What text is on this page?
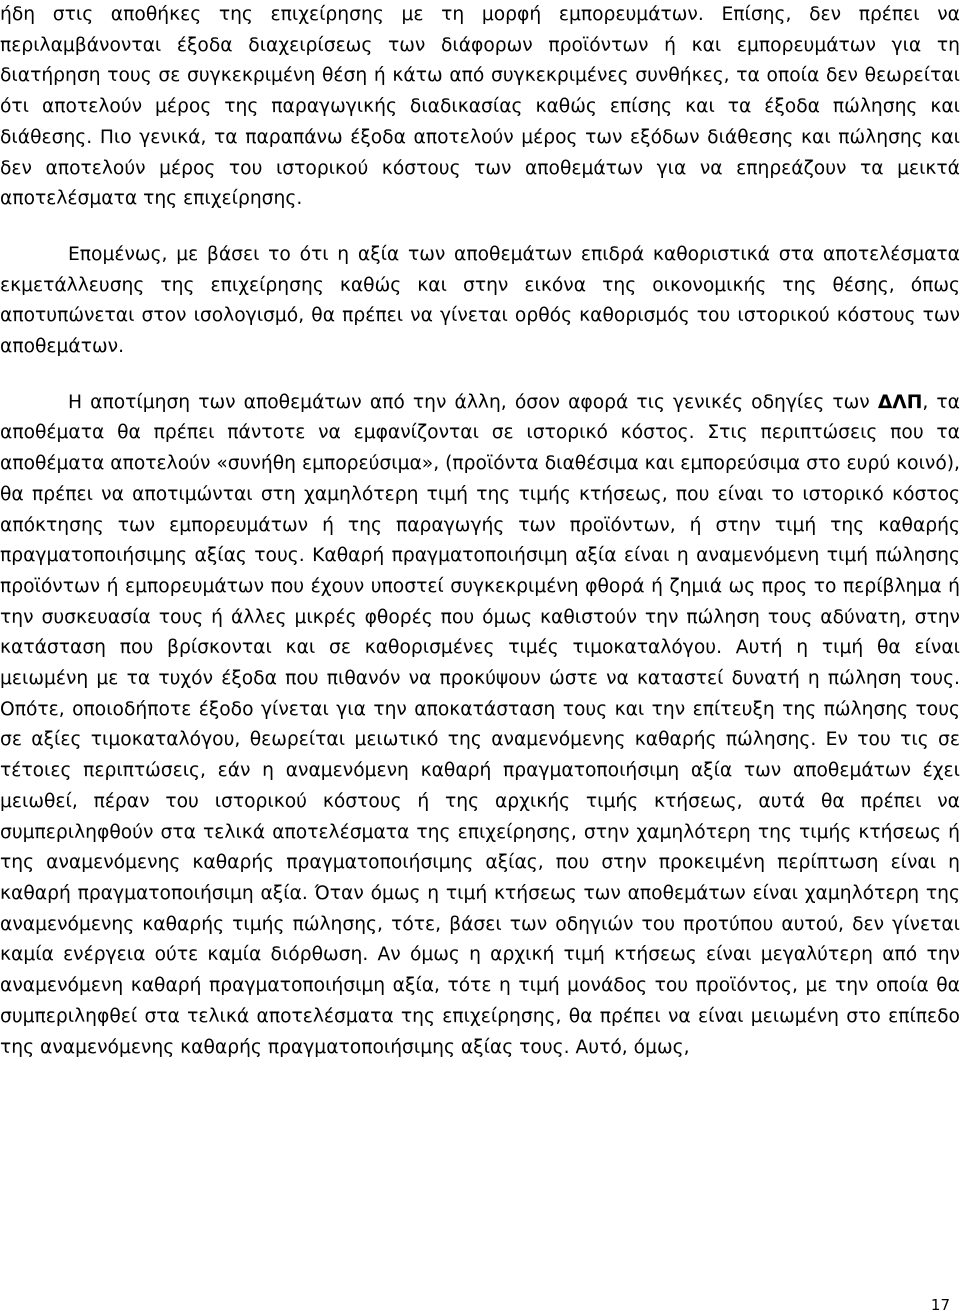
ήδη στις αποθήκες της επιχείρησης με τη μορφή εμπορευμάτων. Επίσης, δεν πρέπει να περιλαμβάνονται έξοδα διαχειρίσεως των διάφορων προϊόντων ή και εμπορευμάτων για τη διατήρηση τους σε συγκεκριμένη θέση ή κάτω από συγκεκριμένες συνθήκες, τα οποία δεν θεωρείται ότι αποτελούν μέρος της παραγωγικής διαδικασίας καθώς επίσης και τα έξοδα πώλησης και διάθεσης. Πιο γενικά, τα παραπάνω έξοδα αποτελούν μέρος των εξόδων διάθεσης και πώλησης και δεν αποτελούν μέρος του ιστορικού κόστους των αποθεμάτων για να επηρεάζουν τα μεικτά αποτελέσματα της επιχείρησης.

Επομένως, με βάσει το ότι η αξία των αποθεμάτων επιδρά καθοριστικά στα αποτελέσματα εκμετάλλευσης της επιχείρησης καθώς και στην εικόνα της οικονομικής της θέσης, όπως αποτυπώνεται στον ισολογισμό, θα πρέπει να γίνεται ορθός καθορισμός του ιστορικού κόστους των αποθεμάτων.

Η αποτίμηση των αποθεμάτων από την άλλη, όσον αφορά τις γενικές οδηγίες των ΔΛΠ, τα αποθέματα θα πρέπει πάντοτε να εμφανίζονται σε ιστορικό κόστος. Στις περιπτώσεις που τα αποθέματα αποτελούν «συνήθη εμπορεύσιμα», (προϊόντα διαθέσιμα και εμπορεύσιμα στο ευρύ κοινό), θα πρέπει να αποτιμώνται στη χαμηλότερη τιμή της τιμής κτήσεως, που είναι το ιστορικό κόστος απόκτησης των εμπορευμάτων ή της παραγωγής των προϊόντων, ή στην τιμή της καθαρής πραγματοποιήσιμης αξίας τους. Καθαρή πραγματοποιήσιμη αξία είναι η αναμενόμενη τιμή πώλησης προϊόντων ή εμπορευμάτων που έχουν υποστεί συγκεκριμένη φθορά ή ζημιά ως προς το περίβλημα ή την συσκευασία τους ή άλλες μικρές φθορές που όμως καθιστούν την πώληση τους αδύνατη, στην κατάσταση που βρίσκονται και σε καθορισμένες τιμές τιμοκαταλόγου. Αυτή η τιμή θα είναι μειωμένη με τα τυχόν έξοδα που πιθανόν να προκύψουν ώστε να καταστεί δυνατή η πώληση τους. Οπότε, οποιοδήποτε έξοδο γίνεται για την αποκατάσταση τους και την επίτευξη της πώλησης τους σε αξίες τιμοκαταλόγου, θεωρείται μειωτικό της αναμενόμενης καθαρής πώλησης. Εν του τις σε τέτοιες περιπτώσεις, εάν η αναμενόμενη καθαρή πραγματοποιήσιμη αξία των αποθεμάτων έχει μειωθεί, πέραν του ιστορικού κόστους ή της αρχικής τιμής κτήσεως, αυτά θα πρέπει να συμπεριληφθούν στα τελικά αποτελέσματα της επιχείρησης, στην χαμηλότερη της τιμής κτήσεως ή της αναμενόμενης καθαρής πραγματοποιήσιμης αξίας, που στην προκειμένη περίπτωση είναι η καθαρή πραγματοποιήσιμη αξία. Όταν όμως η τιμή κτήσεως των αποθεμάτων είναι χαμηλότερη της αναμενόμενης καθαρής τιμής πώλησης, τότε, βάσει των οδηγιών του προτύπου αυτού, δεν γίνεται καμία ενέργεια ούτε καμία διόρθωση. Αν όμως η αρχική τιμή κτήσεως είναι μεγαλύτερη από την αναμενόμενη καθαρή πραγματοποιήσιμη αξία, τότε η τιμή μονάδος του προϊόντος, με την οποία θα συμπεριληφθεί στα τελικά αποτελέσματα της επιχείρησης, θα πρέπει να είναι μειωμένη στο επίπεδο της αναμενόμενης καθαρής πραγματοποιήσιμης αξίας τους. Αυτό, όμως,

17
